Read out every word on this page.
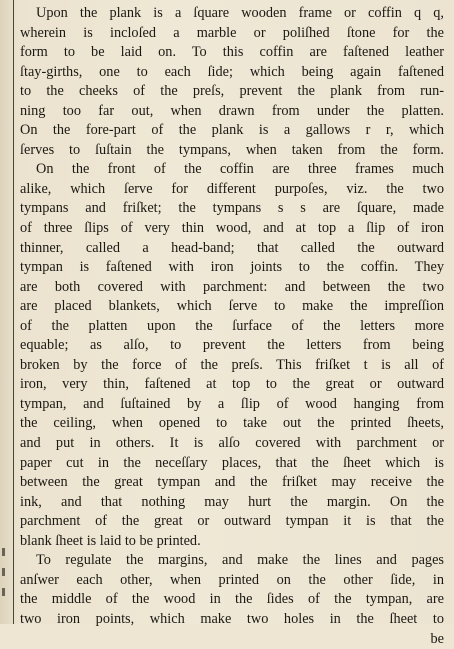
Upon the plank is a ſquare wooden frame or coffin q q,
wherein is incloſed a marble or poliſhed ſtone for the
form to be laid on. To this coffin are faſtened leather
ſtay-girths, one to each ſide; which being again faſtened
to the cheeks of the preſs, prevent the plank from run-
ning too far out, when drawn from under the platten.
On the fore-part of the plank is a gallows r r, which
ſerves to ſuſtain the tympans, when taken from the form.
On the front of the coffin are three frames much
alike, which ſerve for different purpoſes, viz. the two
tympans and friſket; the tympans s s are ſquare, made
of three ſlips of very thin wood, and at top a ſlip of iron
thinner, called a head-band; that called the outward
tympan is faſtened with iron joints to the coffin. They
are both covered with parchment: and between the two
are placed blankets, which ſerve to make the impreſſion
of the platten upon the ſurface of the letters more
equable; as alſo, to prevent the letters from being
broken by the force of the preſs. This friſket t is all of
iron, very thin, faſtened at top to the great or outward
tympan, and ſuſtained by a ſlip of wood hanging from
the ceiling, when opened to take out the printed ſheets,
and put in others. It is alſo covered with parchment or
paper cut in the neceſſary places, that the ſheet which is
between the great tympan and the friſket may receive the
ink, and that nothing may hurt the margin. On the
parchment of the great or outward tympan it is that the
blank ſheet is laid to be printed.
To regulate the margins, and make the lines and pages
anſwer each other, when printed on the other ſide, in
the middle of the wood in the ſides of the tympan, are
two iron points, which make two holes in the ſheet to
be
